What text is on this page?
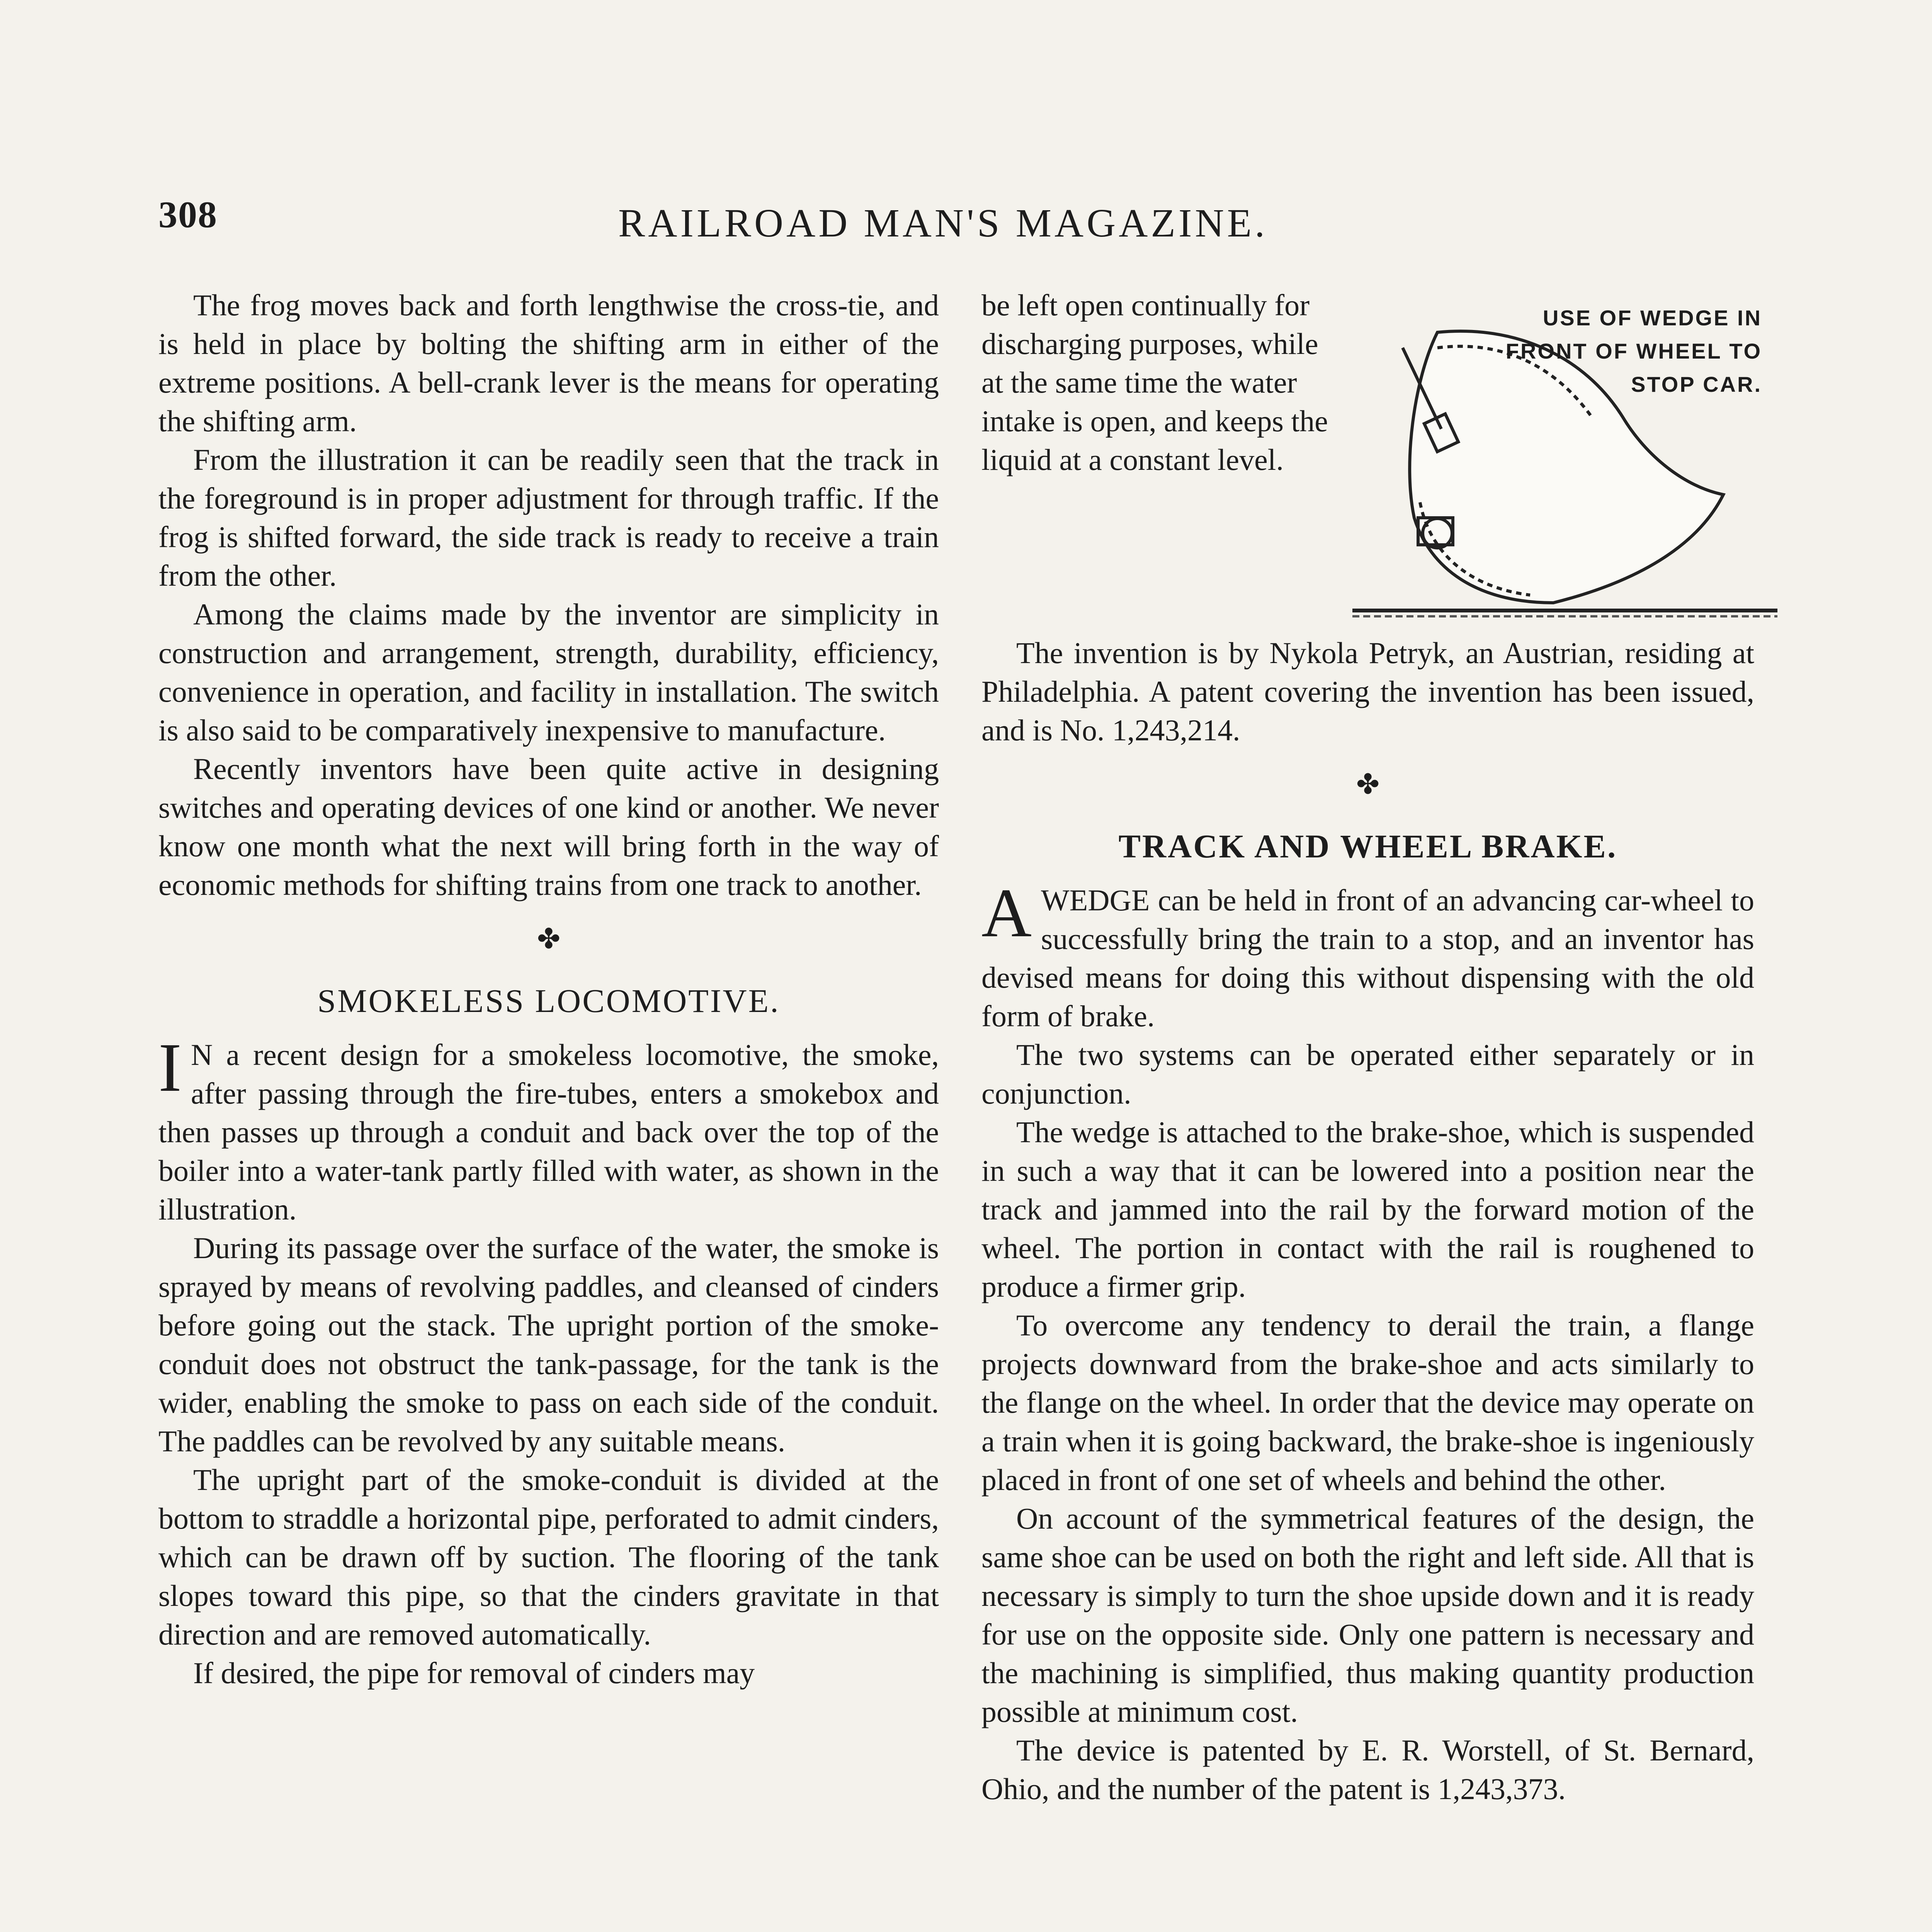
308	RAILROAD MAN'S MAGAZINE.

The frog moves back and forth lengthwise the cross-tie, and is held in place by bolting the shifting arm in either of the extreme positions. A bell-crank lever is the means for operating the shifting arm.

From the illustration it can be readily seen that the track in the foreground is in proper adjustment for through traffic. If the frog is shifted forward, the side track is ready to receive a train from the other.

Among the claims made by the inventor are simplicity in construction and arrangement, strength, durability, efficiency, convenience in operation, and facility in installation. The switch is also said to be comparatively inexpensive to manufacture.

Recently inventors have been quite active in designing switches and operating devices of one kind or another. We never know one month what the next will bring forth in the way of economic methods for shifting trains from one track to another.

✤
SMOKELESS LOCOMOTIVE.

I N a recent design for a smokeless locomotive, the smoke, after passing through the fire-tubes, enters a smokebox and then passes up through a conduit and back over the top of the boiler into a water-tank partly filled with water, as shown in the illustration.

During its passage over the surface of the water, the smoke is sprayed by means of revolving paddles, and cleansed of cinders before going out the stack. The upright portion of the smoke-conduit does not obstruct the tank-passage, for the tank is the wider, enabling the smoke to pass on each side of the conduit. The paddles can be revolved by any suitable means.

The upright part of the smoke-conduit is divided at the bottom to straddle a horizontal pipe, perforated to admit cinders, which can be drawn off by suction. The flooring of the tank slopes toward this pipe, so that the cinders gravitate in that direction and are removed automatically.

If desired, the pipe for removal of cinders may

be left open continually for discharging purposes, while at the same time the water intake is open, and keeps the liquid at a constant level.

USE OF WEDGE IN FRONT OF WHEEL TO STOP CAR.

The invention is by Nykola Petryk, an Austrian, residing at Philadelphia. A patent covering the invention has been issued, and is No. 1,243,214.

✤
TRACK AND WHEEL BRAKE.

AWEDGE can be held in front of an advancing car-wheel to successfully bring the train to a stop, and an inventor has devised means for doing this without dispensing with the old form of brake.

The two systems can be operated either separately or in conjunction.

The wedge is attached to the brake-shoe, which is suspended in such a way that it can be lowered into a position near the track and jammed into the rail by the forward motion of the wheel. The portion in contact with the rail is roughened to produce a firmer grip.

To overcome any tendency to derail the train, a flange projects downward from the brake-shoe and acts similarly to the flange on the wheel. In order that the device may operate on a train when it is going backward, the brake-shoe is ingeniously placed in front of one set of wheels and behind the other.

On account of the symmetrical features of the design, the same shoe can be used on both the right and left side. All that is necessary is simply to turn the shoe upside down and it is ready for use on the opposite side. Only one pattern is necessary and the machining is simplified, thus making quantity production possible at minimum cost.

The device is patented by E. R. Worstell, of St. Bernard, Ohio, and the number of the patent is 1,243,373.
